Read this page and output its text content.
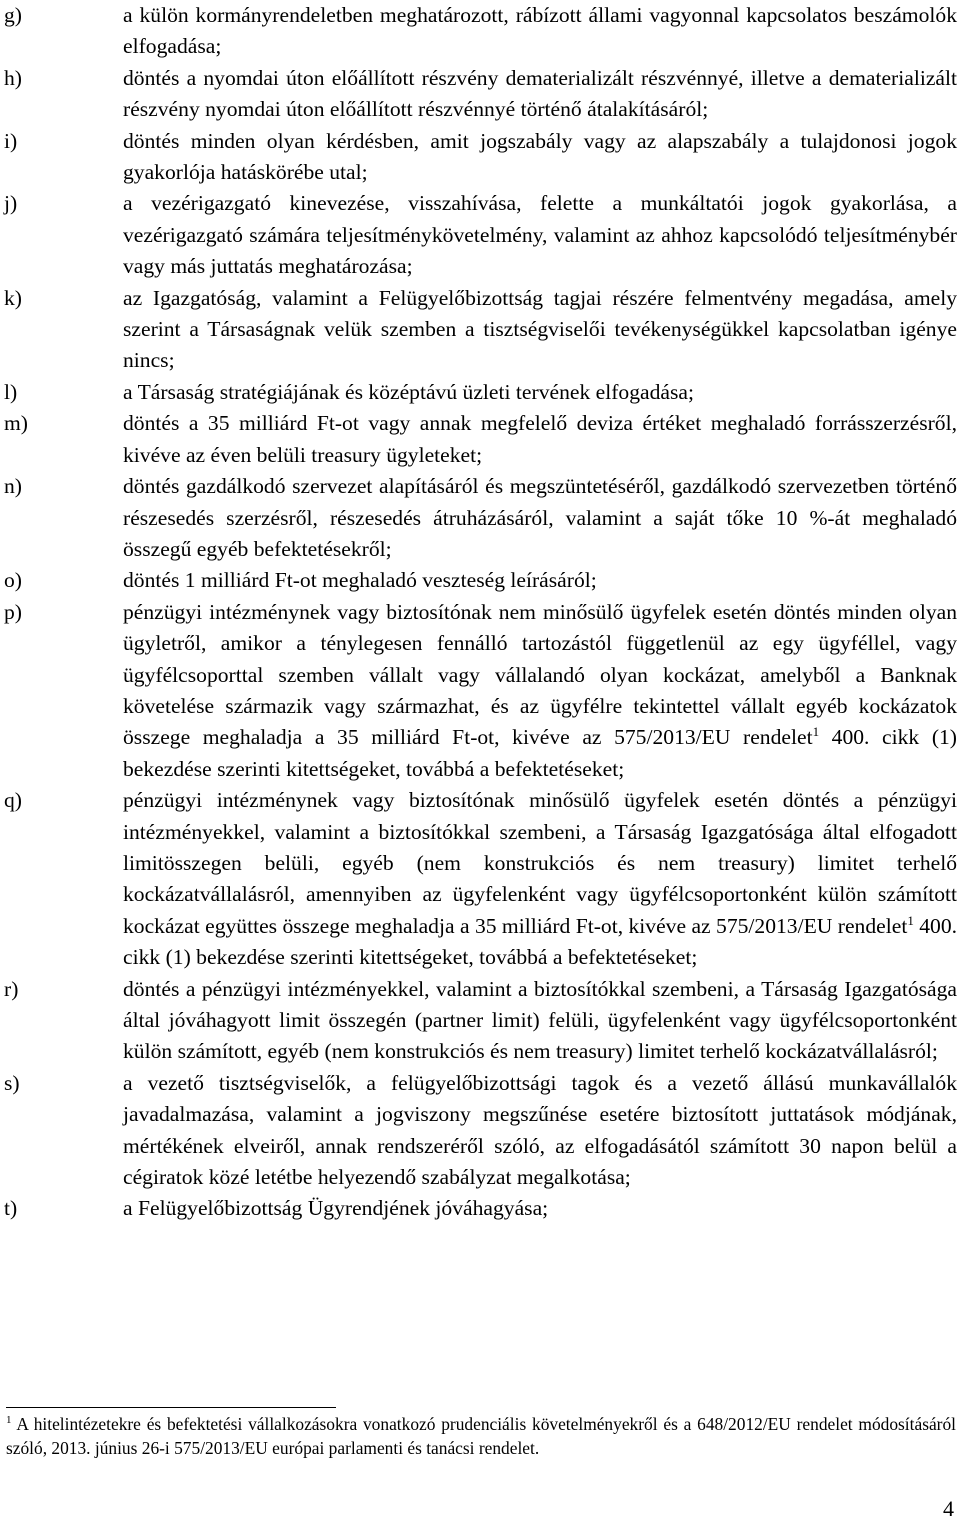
g)	a külön kormányrendeletben meghatározott, rábízott állami vagyonnal kapcsolatos beszámolók elfogadása;
h)	döntés a nyomdai úton előállított részvény dematerializált részvénnyé, illetve a dematerializált részvény nyomdai úton előállított részvénnyé történő átalakításáról;
i)	döntés minden olyan kérdésben, amit jogszabály vagy az alapszabály a tulajdonosi jogok gyakorlója hatáskörébe utal;
j)	a vezérigazgató kinevezése, visszahívása, felette a munkáltatói jogok gyakorlása, a vezérigazgató számára teljesítménykövetelmény, valamint az ahhoz kapcsolódó teljesítménybér vagy más juttatás meghatározása;
k)	az Igazgatóság, valamint a Felügyelőbizottság tagjai részére felmentvény megadása, amely szerint a Társaságnak velük szemben a tisztségviselői tevékenységükkel kapcsolatban igénye nincs;
l)	a Társaság stratégiájának és középtávú üzleti tervének elfogadása;
m)	döntés a 35 milliárd Ft-ot vagy annak megfelelő deviza értéket meghaladó forrásszerzésről, kivéve az éven belüli treasury ügyleteket;
n)	döntés gazdálkodó szervezet alapításáról és megszüntetéséről, gazdálkodó szervezetben történő részesedés szerzésről, részesedés átruházásáról, valamint a saját tőke 10 %-át meghaladó összegű egyéb befektetésekről;
o)	döntés 1 milliárd Ft-ot meghaladó veszteség leírásáról;
p)	pénzügyi intézménynek vagy biztosítónak nem minősülő ügyfelek esetén döntés minden olyan ügyletről, amikor a ténylegesen fennálló tartozástól függetlenül az egy ügyféllel, vagy ügyfélcsoporttal szemben vállalt vagy vállalandó olyan kockázat, amelyből a Banknak követelése származik vagy származhat, és az ügyfélre tekintettel vállalt egyéb kockázatok összege meghaladja a 35 milliárd Ft-ot, kivéve az 575/2013/EU rendelet$^1$ 400. cikk (1) bekezdése szerinti kitettségeket, továbbá a befektetéseket;
q)	pénzügyi intézménynek vagy biztosítónak minősülő ügyfelek esetén döntés a pénzügyi intézményekkel, valamint a biztosítókkal szembeni, a Társaság Igazgatósága által elfogadott limitösszegen belüli, egyéb (nem konstrukciós és nem treasury) limitet terhelő kockázatvállalásról, amennyiben az ügyfelenként vagy ügyfélcsoportonként külön számított kockázat együttes összege meghaladja a 35 milliárd Ft-ot, kivéve az 575/2013/EU rendelet$^1$ 400. cikk (1) bekezdése szerinti kitettségeket, továbbá a befektetéseket;
r)	döntés a pénzügyi intézményekkel, valamint a biztosítókkal szembeni, a Társaság Igazgatósága által jóváhagyott limit összegén (partner limit) felüli, ügyfelenként vagy ügyfélcsoportonként külön számított, egyéb (nem konstrukciós és nem treasury) limitet terhelő kockázatvállalásról;
s)	a vezető tisztségviselők, a felügyelőbizottsági tagok és a vezető állású munkavállalók javadalmazása, valamint a jogviszony megszűnése esetére biztosított juttatások módjának, mértékének elveiről, annak rendszeréről szóló, az elfogadásától számított 30 napon belül a cégiratok közé letétbe helyezendő szabályzat megalkotása;
t)	a Felügyelőbizottság Ügyrendjének jóváhagyása;
$^1$ A hitelintézetekre és befektetési vállalkozásokra vonatkozó prudenciális követelményekről és a 648/2012/EU rendelet módosításáról szóló, 2013. június 26-i 575/2013/EU európai parlamenti és tanácsi rendelet.
4
